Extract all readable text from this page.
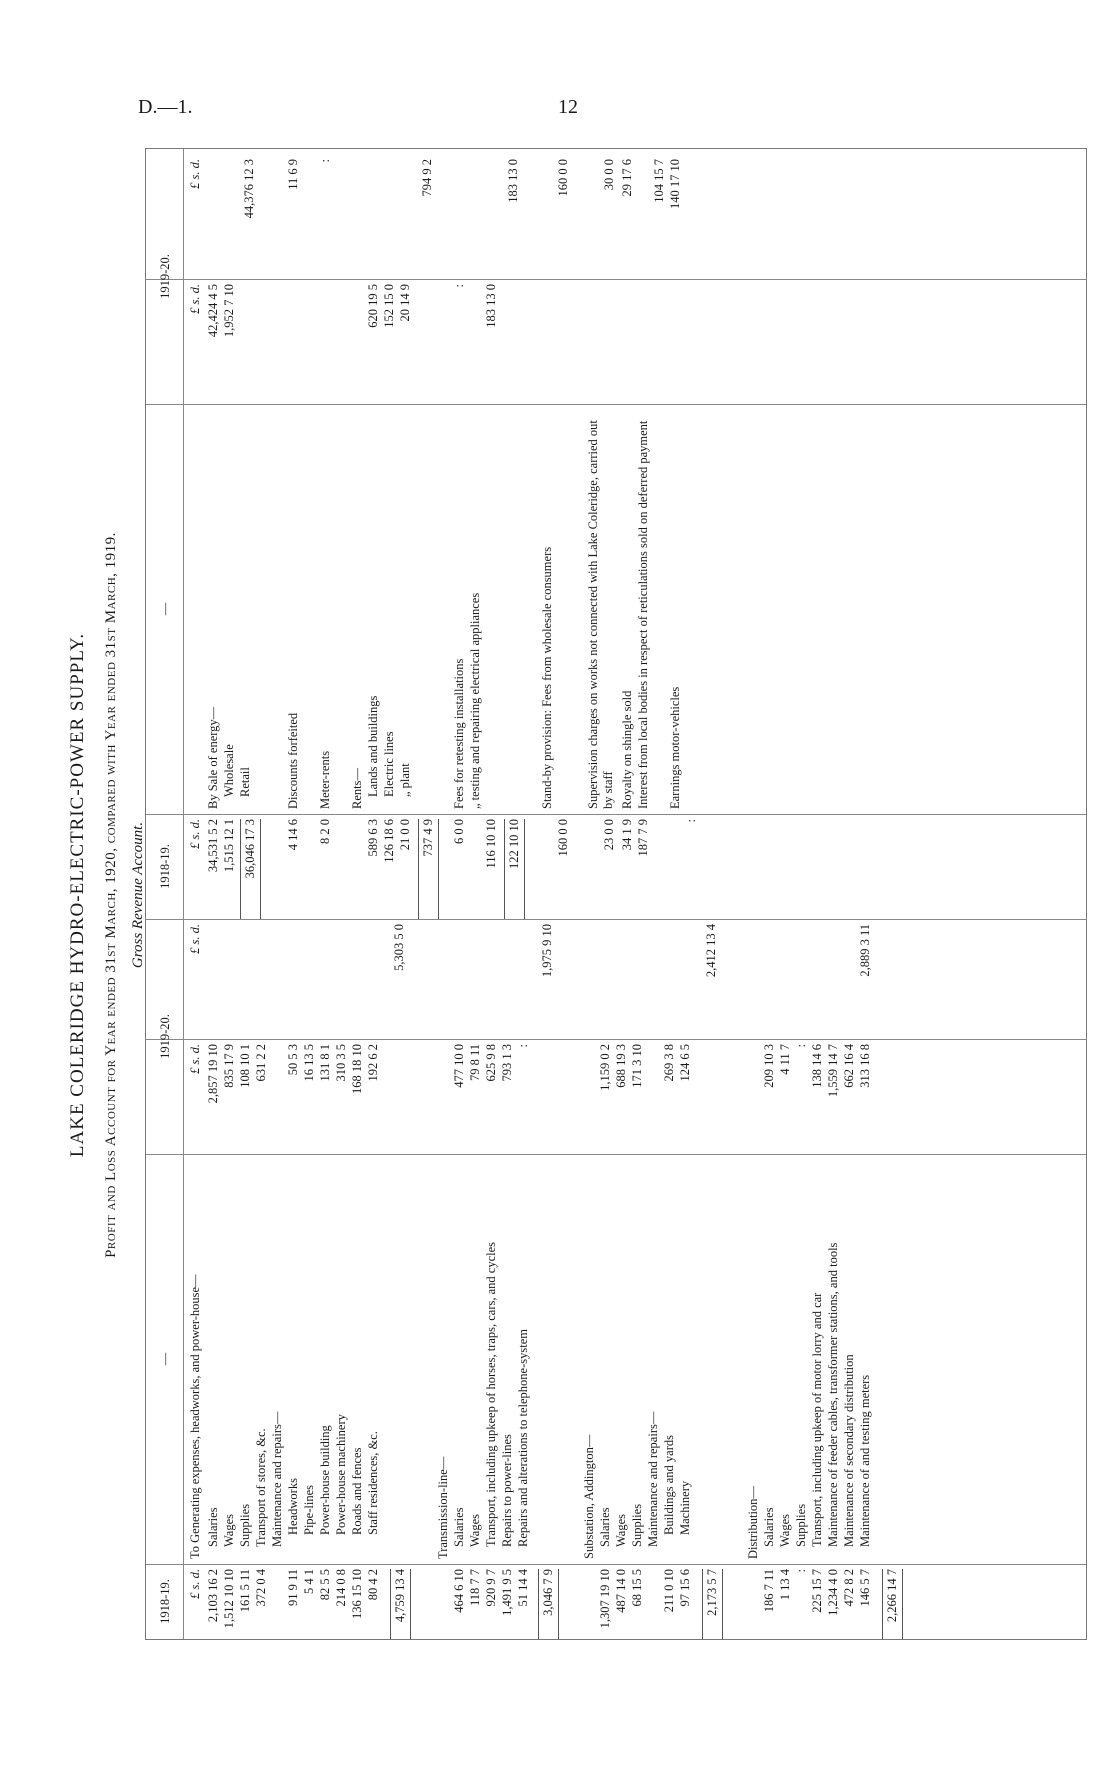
D.—1.	12
LAKE COLERIDGE HYDRO-ELECTRIC-POWER SUPPLY. Profit and Loss Account for Year ended 31st March, 1920, compared with Year ended 31st March, 1919. Gross Revenue Account.
1918-19.
—
1919-20.
1918-19.
—
1919-20.
£ s. d.
£ s. d.
£ s. d.
£ s. d.
£ s. d.
£ s. d.
To Generating expenses, headworks, and power-house— Salaries
2,103 16 2
2,857 19 10
Wages
1,512 10 10
835 17 9
Supplies
161 5 11
108 10 1
Transport of stores, &c.
372 0 4
631 2 2
Maintenance and repairs— Headworks
91 9 11
50 5 3
Pipe-lines
5 4 1
16 13 5
Power-house building
82 5 5
131 8 1
Power-house machinery
214 0 8
310 3 5
Roads and fences
136 15 10
168 18 10
Staff residences, &c.
80 4 2
192 6 2
4,759 13 4
5,303 5 0
Transmission-line— Salaries
464 6 10
477 10 0
Wages
118 7 7
79 8 11
Transport, including upkeep of horses, traps, cars, and cycles
920 9 7
625 9 8
Repairs to power-lines
1,491 9 5
793 1 3
Repairs and alterations to telephone-system
51 14 4
:
3,046 7 9
1,975 9 10
Substation, Addington— Salaries
1,307 19 10
1,159 0 2
Wages
487 14 0
688 19 3
Supplies
68 15 5
171 3 10
Maintenance and repairs— Buildings and yards
211 0 10
269 3 8
Machinery
97 15 6
124 6 5
2,173 5 7
2,412 13 4
Distribution— Salaries
186 7 11
209 10 3
Wages
1 13 4
4 11 7
Supplies
:
:
Transport, including upkeep of motor lorry and car
225 15 7
138 14 6
Maintenance of feeder cables, transformer stations, and tools
1,234 4 0
1,559 14 7
Maintenance of secondary distribution
472 8 2
662 16 4
Maintenance of and testing meters
146 5 7
313 16 8
2,266 14 7
2,889 3 11
By Sale of energy— Wholesale
34,531 5 2
42,424 4 5
Retail
1,515 12 1
1,952 7 10
36,046 17 3
44,376 12 3
Discounts forfeited
4 14 6
11 6 9
Meter-rents
8 2 0
:
Rents— Lands and buildings
589 6 3
620 19 5
Electric lines
126 18 6
152 15 0
„ plant
21 0 0
20 14 9
737 4 9
794 9 2
Fees for retesting installations
6 0 0
:
„ testing and repairing electrical appliances
116 10 10
183 13 0
122 10 10
183 13 0
Stand-by provision: Fees from wholesale consumers
160 0 0
160 0 0
Supervision charges on works not connected with Lake Coleridge, carried out by staff
23 0 0
30 0 0
Royalty on shingle sold
34 1 9
29 17 6
Interest from local bodies in respect of reticulations sold on deferred payment
187 7 9
104 15 7
Earnings motor-vehicles
:
140 17 10
